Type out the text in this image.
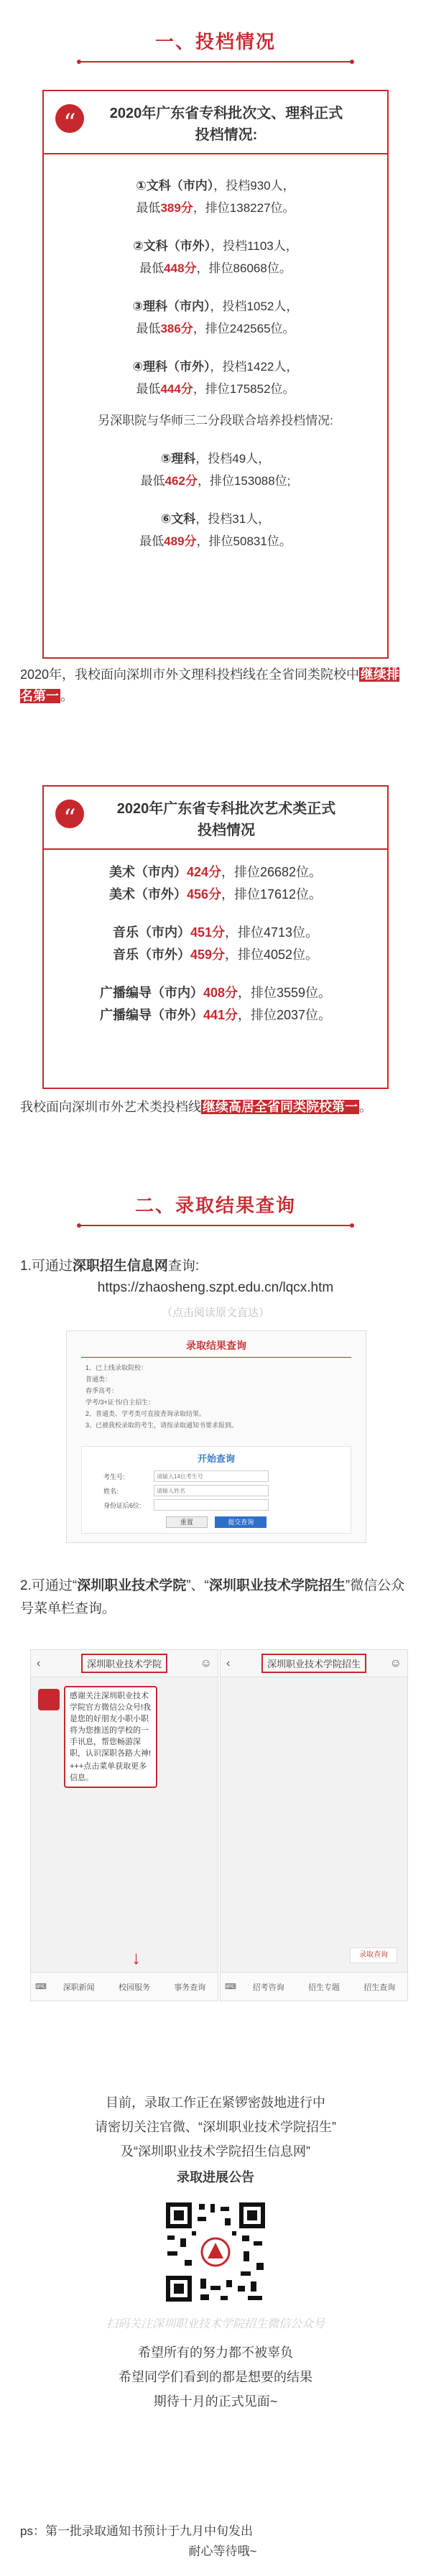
一、投档情况
“	2020年广东省专科批次文、理科正式
投档情况:
①文科（市内），投档930人，
最低389分，排位138227位。
②文科（市外），投档1103人，
最低448分，排位86068位。
③理科（市内），投档1052人，
最低386分，排位242565位。
④理科（市外），投档1422人，
最低444分，排位175852位。
另深职院与华师三二分段联合培养投档情况:
⑤理科，投档49人，
最低462分，排位153088位;
⑥文科，投档31人，
最低489分，排位50831位。
2020年，我校面向深圳市外文理科投档线在全省同类院校中 继续排名第一 。
“	2020年广东省专科批次艺术类正式
投档情况
美术（市内）424分，排位26682位。
美术（市外）456分，排位17612位。
音乐（市内）451分，排位4713位。
音乐（市外）459分，排位4052位。
广播编导（市内）408分，排位3559位。
广播编导（市外）441分，排位2037位。
我校面向深圳市外艺术类投档线 继续高居全省同类院校第一 。
二、录取结果查询
1.可通过深职招生信息网查询:
https://zhaosheng.szpt.edu.cn/lqcx.htm
（点击阅读原文直达）
录取结果查询
1、已上线录取院校：
普通类：
春季高考：
学考/3+证书/自主招生：
2、普通类、学考类可直接查询录取结果。
3、已被我校录取的考生，请按录取通知书要求报到。
开始查询
考生号:
请输入14位考生号
姓名:
请输入姓名
身份证后6位:
重置	提交查询
2.可通过“深圳职业技术学院”、“深圳职业技术学院招生”微信公众号菜单栏查询。
‹	深圳职业技术学院	☺
感谢关注深圳职业技术学院官方微信公众号!我是您的好朋友小职小职将为您推送的学校的一手讯息，帮您畅游深职，认识深职各路大神!
+++点击菜单获取更多信息。
↓
⌨	深职新闻	校园服务	事务查询
‹	深圳职业技术学院招生	☺
录取查询
⌨	招考咨询	招生专题	招生查询
目前，录取工作正在紧锣密鼓地进行中
请密切关注官微、“深圳职业技术学院招生”
及“深圳职业技术学院招生信息网”
录取进展公告
扫码关注深圳职业技术学院招生微信公众号
希望所有的努力都不被辜负
希望同学们看到的都是想要的结果
期待十月的正式见面~
ps：第一批录取通知书预计于九月中旬发出
耐心等待哦~
